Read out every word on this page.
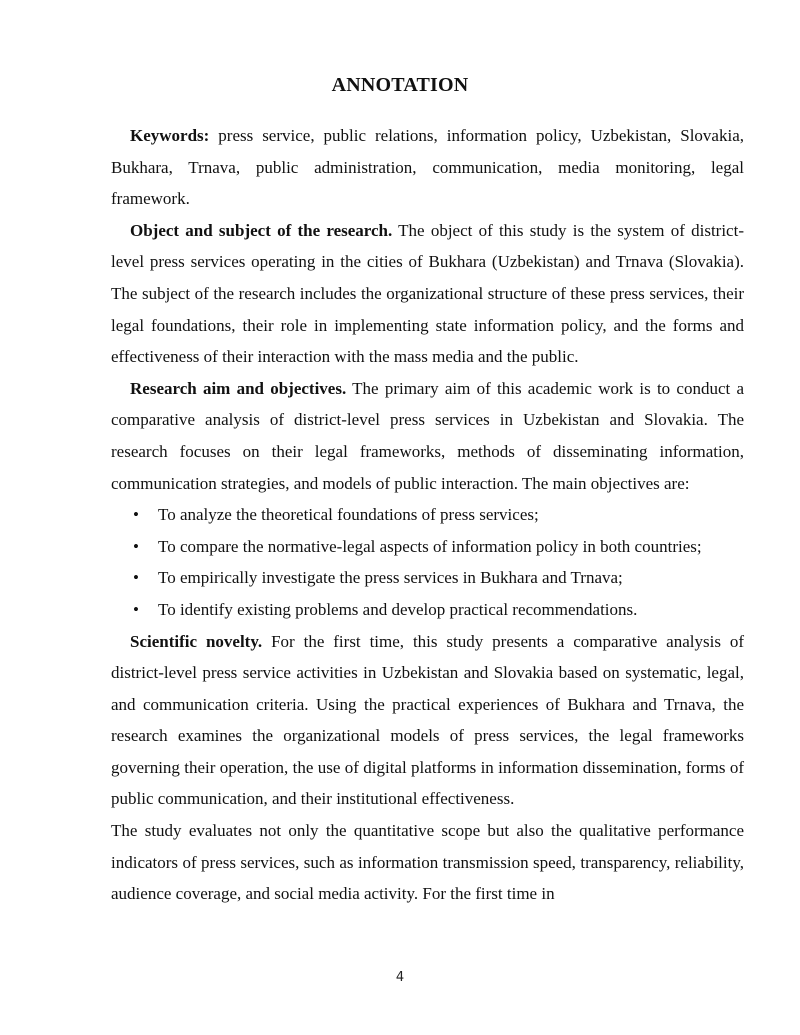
ANNOTATION

Keywords: press service, public relations, information policy, Uzbekistan, Slovakia, Bukhara, Trnava, public administration, communication, media monitoring, legal framework.

Object and subject of the research. The object of this study is the system of district-level press services operating in the cities of Bukhara (Uzbekistan) and Trnava (Slovakia). The subject of the research includes the organizational structure of these press services, their legal foundations, their role in implementing state information policy, and the forms and effectiveness of their interaction with the mass media and the public.

Research aim and objectives. The primary aim of this academic work is to conduct a comparative analysis of district-level press services in Uzbekistan and Slovakia. The research focuses on their legal frameworks, methods of disseminating information, communication strategies, and models of public interaction. The main objectives are:

• To analyze the theoretical foundations of press services;
• To compare the normative-legal aspects of information policy in both countries;
• To empirically investigate the press services in Bukhara and Trnava;
• To identify existing problems and develop practical recommendations.

Scientific novelty. For the first time, this study presents a comparative analysis of district-level press service activities in Uzbekistan and Slovakia based on systematic, legal, and communication criteria. Using the practical experiences of Bukhara and Trnava, the research examines the organizational models of press services, the legal frameworks governing their operation, the use of digital platforms in information dissemination, forms of public communication, and their institutional effectiveness.

The study evaluates not only the quantitative scope but also the qualitative performance indicators of press services, such as information transmission speed, transparency, reliability, audience coverage, and social media activity. For the first time in

4
